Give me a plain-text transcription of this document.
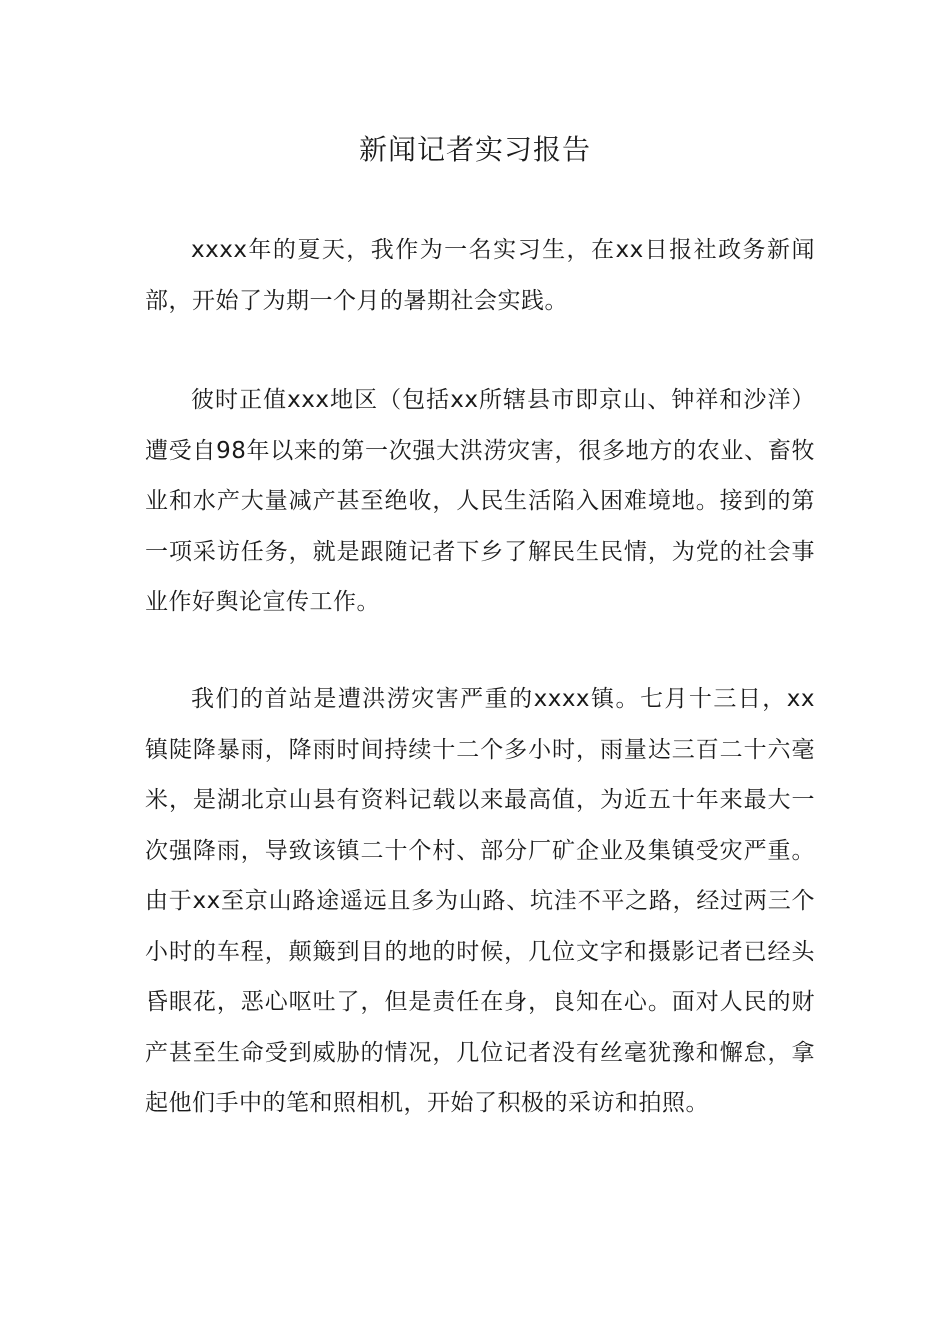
新闻记者实习报告

xxxx年的夏天，我作为一名实习生，在xx日报社政务新闻部，开始了为期一个月的暑期社会实践。

彼时正值xxx地区（包括xx所辖县市即京山、钟祥和沙洋）遭受自98年以来的第一次强大洪涝灾害，很多地方的农业、畜牧业和水产大量减产甚至绝收，人民生活陷入困难境地。接到的第一项采访任务，就是跟随记者下乡了解民生民情，为党的社会事业作好舆论宣传工作。

我们的首站是遭洪涝灾害严重的xxxx镇。七月十三日，xx镇陡降暴雨，降雨时间持续十二个多小时，雨量达三百二十六毫米，是湖北京山县有资料记载以来最高值，为近五十年来最大一次强降雨，导致该镇二十个村、部分厂矿企业及集镇受灾严重。由于xx至京山路途遥远且多为山路、坑洼不平之路，经过两三个小时的车程，颠簸到目的地的时候，几位文字和摄影记者已经头昏眼花，恶心呕吐了，但是责任在身，良知在心。面对人民的财产甚至生命受到威胁的情况，几位记者没有丝毫犹豫和懈怠，拿起他们手中的笔和照相机，开始了积极的采访和拍照。
